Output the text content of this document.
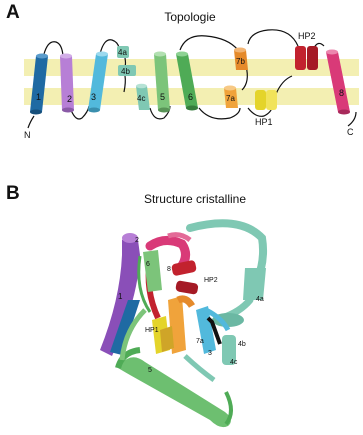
A	Topologie
B	Structure cristalline
1	2 3
4a
4b
4c 5	6
7b
7a
8
N	C
HP1
HP2
1
2
6
8
HP2
4a
HP1
7a
3
4b
4c
5
